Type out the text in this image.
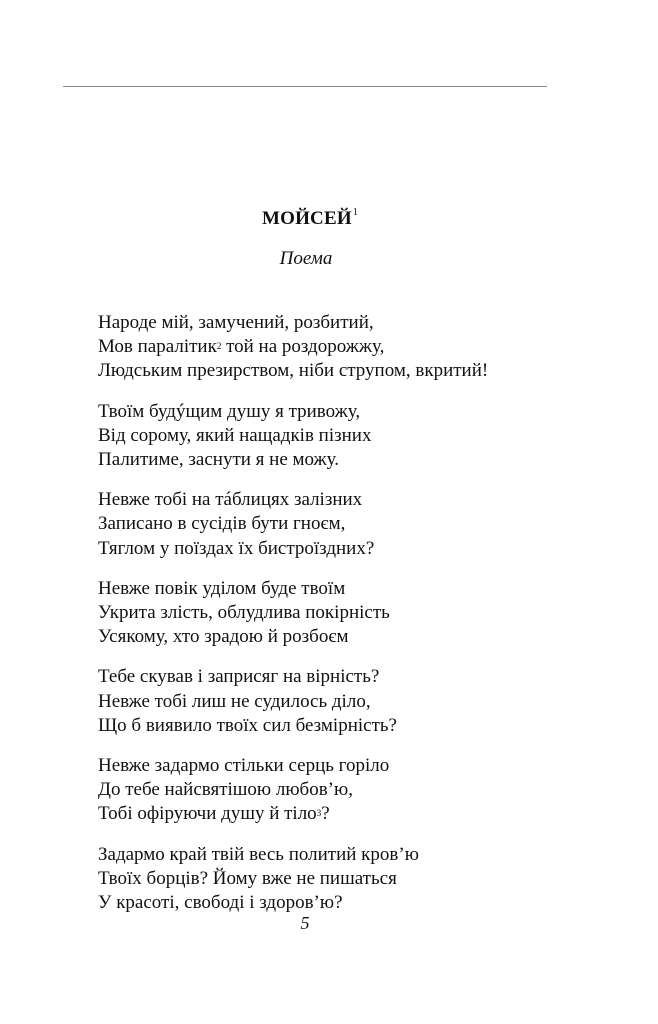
МОЙСЕЙ$^1$
Поема
Народе мій, замучений, розбитий,
Мов паралітик$^2$ той на роздорожжу,
Людським презирством, ніби струпом, вкритий!
Твоїм будýщим душу я тривожу,
Від сорому, який нащадків пізних
Палитиме, заснути я не можу.
Невже тобі на тáблицях залізних
Записано в сусідів бути гноєм,
Тяглом у поїздах їх бистроїздних?
Невже повік уділом буде твоїм
Укрита злість, облудлива покірність
Усякому, хто зрадою й розбоєм
Тебе скував і заприсяг на вірність?
Невже тобі лиш не судилось діло,
Що б виявило твоїх сил безмірність?
Невже задармо стільки серць горіло
До тебе найсвятішою любов’ю,
Тобі офіруючи душу й тіло$^3$?
Задармо край твій весь политий кров’ю
Твоїх борців? Йому вже не пишаться
У красоті, свободі і здоров’ю?
5
